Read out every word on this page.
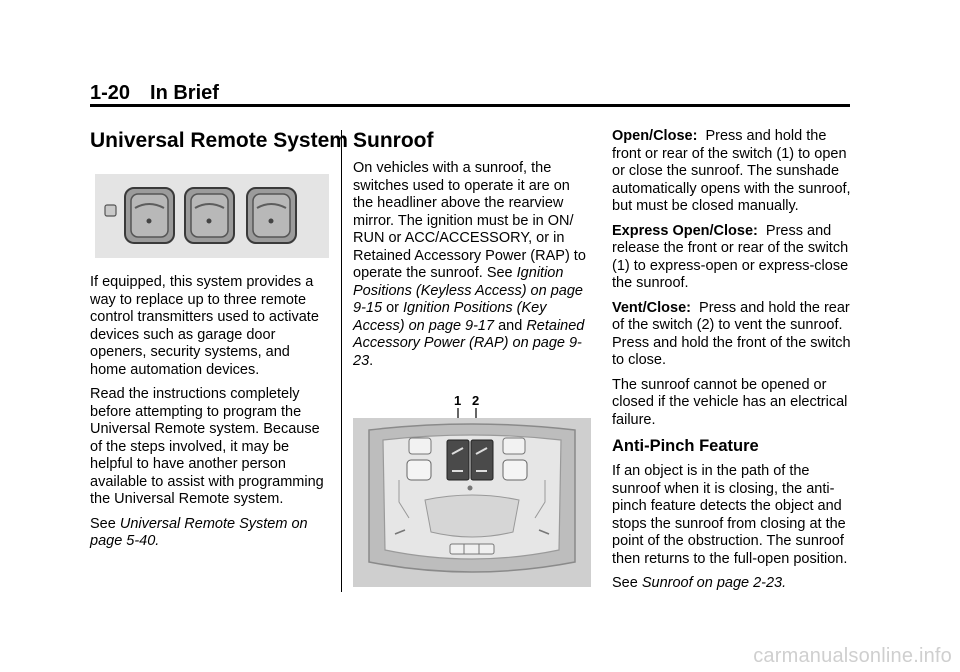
1-20 In Brief
Universal Remote System

If equipped, this system provides a way to replace up to three remote control transmitters used to activate devices such as garage door openers, security systems, and home automation devices.

Read the instructions completely before attempting to program the Universal Remote system. Because of the steps involved, it may be helpful to have another person available to assist with programming the Universal Remote system.

See Universal Remote System on page 5-40.

Sunroof

On vehicles with a sunroof, the switches used to operate it are on the headliner above the rearview mirror. The ignition must be in ON/ RUN or ACC/ACCESSORY, or in Retained Accessory Power (RAP) to operate the sunroof. See Ignition Positions (Keyless Access) on page 9-15 or Ignition Positions (Key Access) on page 9-17 and Retained Accessory Power (RAP) on page 9-23.

1 2

Open/Close: Press and hold the front or rear of the switch (1) to open or close the sunroof. The sunshade automatically opens with the sunroof, but must be closed manually.

Express Open/Close: Press and release the front or rear of the switch (1) to express-open or express-close the sunroof.

Vent/Close: Press and hold the rear of the switch (2) to vent the sunroof. Press and hold the front of the switch to close.

The sunroof cannot be opened or closed if the vehicle has an electrical failure.

Anti-Pinch Feature

If an object is in the path of the sunroof when it is closing, the anti-pinch feature detects the object and stops the sunroof from closing at the point of the obstruction. The sunroof then returns to the full-open position.

See Sunroof on page 2-23.

carmanualsonline.info
